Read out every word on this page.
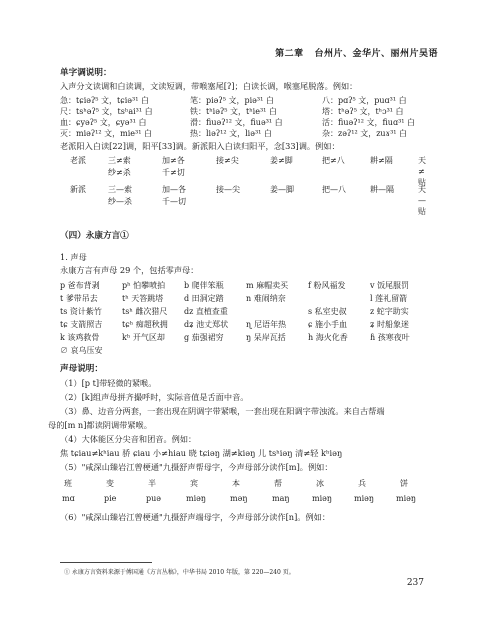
第二章 台州片、金华片、丽州片吴语
单字调说明：
入声分文读调和白读调，文读短调，带喉塞尾[ʔ]；白读长调，喉塞尾脱落。例如：
急：tɕiəʔ⁵ 文，tɕiə³¹ 白	笔：piəʔ⁵ 文，piə³¹ 白	八：pɑʔ⁵ 文，puɑ³¹ 白
尺：tsʰəʔ⁵ 文，tsʰai³¹ 白	铁：tʰiəʔ⁵ 文，tʰie³¹ 白	塔：tʰəʔ⁵ 文，tʰɔ³¹ 白
血：ɕyəʔ⁵ 文，ɕyə³¹ 白	滑：fiuəʔ¹² 文，fiuə³¹ 白	活：fiuəʔ¹² 文，fiuɑ³¹ 白
灭：miəʔ¹² 文，mie³¹ 白	热：liəʔ¹² 文，liə³¹ 白	杂：zəʔ¹² 文，zuɤ³¹ 白
老派阳入白读[22]调，阳平[33]调。新派阳入白读归阳平，念[33]调。例如：
老派	三≠索	加≠各	接≠尖	姜≠脚	把≠八	耕≠隔	天≠贴
纱≠杀	千≠切
新派	三—索	加—各	接—尖	姜—脚	把—八	耕—隔	天—贴
纱—杀	千—切
（四）永康方言①
1. 声母
永康方言有声母 29 个，包括零声母：
p 爸布背剥	pʰ 怕攀喷拍 b 爬伴笨瓶	m 麻帽卖买 f 粉风福发	v 饭尾服罚
t 爹带吊去	tʰ 天答跳塔	d 田洞定踏	n 难闹纳奈	l 莲礼留箭
ts 资计紫竹	tsʰ 雌次猎尺 dz 直植查重	s 私室史叔	z 蛇字助实
tɕ 支箭照吉 tɕʰ 痴超秋拥 dʑ 池丈郑状 ɳ 尼语年热	ɕ 施小手血	ʑ 时船象迷
k 该鸡救骨	kʰ 开气区却 g 茄强裙穷	ŋ 呆岸瓦括	h 海火化香	ɦ 孩寒夜叶
∅ 哀乌压安
声母说明：
（1）[p t]带轻微的紧喉。
（2）[k]组声母拼齐撮呼时，实际音值是舌面中音。
（3）鼻、边音分两套，一套出现在阴调字带紧喉，一套出现在阳调字带浊流。来自古帮端
母的[m n]都读阴调带紧喉。
（4）大体能区分尖音和团音。例如：
焦 tɕiau≠kʰiau 骄 ɕiau 小≠hiau 晓 tɕiəŋ 湖≠kiəŋ 儿 tsʰiəŋ 清≠轻 kʰiəŋ
（5）"咸深山臻岩江曾梗通"九摄舒声帮母字，今声母部分读作[m]。例如：
班	变	半	宾	本	帮	冰	兵	饼
mɑ	pie	puə	miəŋ	məŋ	maŋ	miəŋ	miəŋ	miəŋ
（6）"咸深山臻岩江曾梗通"九摄舒声端母字，今声母部分读作[n]。例如：
① 永康方言资料来源于傅国通《方言丛稿》，中华书局 2010 年版，第 220—240 页。
237
